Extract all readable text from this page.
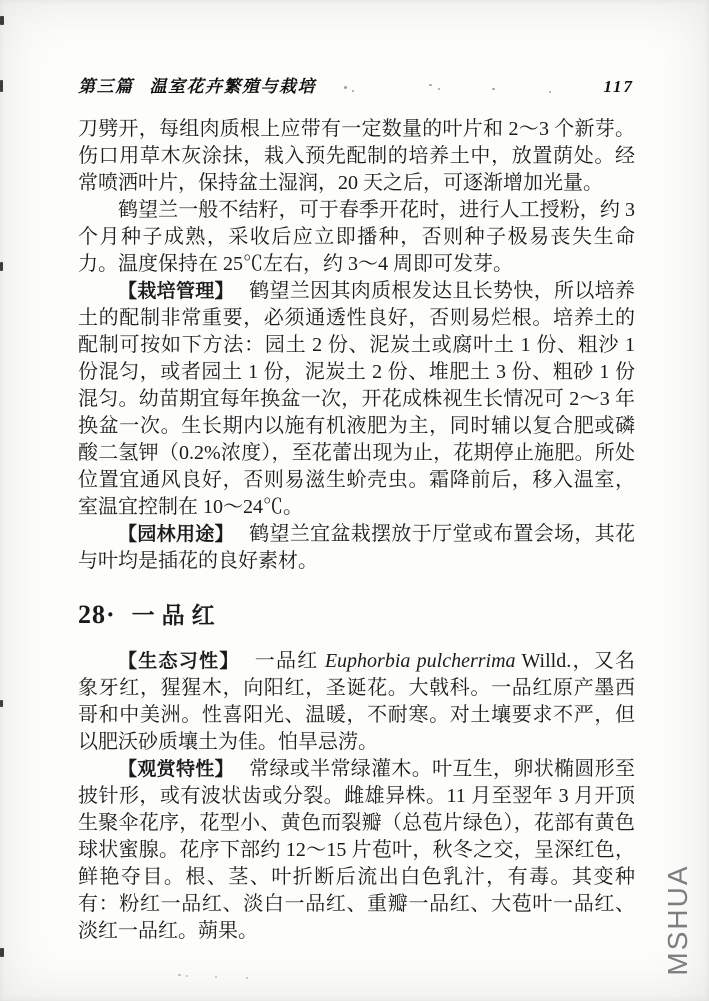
第三篇 温室花卉繁殖与栽培	117

刀劈开，每组肉质根上应带有一定数量的叶片和 2～3 个新芽。伤口用草木灰涂抹，栽入预先配制的培养土中，放置荫处。经常喷洒叶片，保持盆土湿润，20 天之后，可逐渐增加光量。

鹤望兰一般不结籽，可于春季开花时，进行人工授粉，约 3 个月种子成熟，采收后应立即播种，否则种子极易丧失生命力。温度保持在 25℃左右，约 3～4 周即可发芽。

【栽培管理】 鹤望兰因其肉质根发达且长势快，所以培养土的配制非常重要，必须通透性良好，否则易烂根。培养土的配制可按如下方法：园土 2 份、泥炭土或腐叶土 1 份、粗沙 1 份混匀，或者园土 1 份，泥炭土 2 份、堆肥土 3 份、粗砂 1 份混匀。幼苗期宜每年换盆一次，开花成株视生长情况可 2～3 年换盆一次。生长期内以施有机液肥为主，同时辅以复合肥或磷酸二氢钾（0.2%浓度），至花蕾出现为止，花期停止施肥。所处位置宜通风良好，否则易滋生蚧壳虫。霜降前后，移入温室，室温宜控制在 10～24℃。

【园林用途】 鹤望兰宜盆栽摆放于厅堂或布置会场，其花与叶均是插花的良好素材。

28· 一品红

【生态习性】 一品红 Euphorbia pulcherrima Willd.，又名象牙红，猩猩木，向阳红，圣诞花。大戟科。一品红原产墨西哥和中美洲。性喜阳光、温暖，不耐寒。对土壤要求不严，但以肥沃砂质壤土为佳。怕旱忌涝。

【观赏特性】 常绿或半常绿灌木。叶互生，卵状椭圆形至披针形，或有波状齿或分裂。雌雄异株。11 月至翌年 3 月开顶生聚伞花序，花型小、黄色而裂瓣（总苞片绿色），花部有黄色球状蜜腺。花序下部约 12～15 片苞叶，秋冬之交，呈深红色，鲜艳夺目。根、茎、叶折断后流出白色乳汁，有毒。其变种有：粉红一品红、淡白一品红、重瓣一品红、大苞叶一品红、淡红一品红。蒴果。	MSHUA
